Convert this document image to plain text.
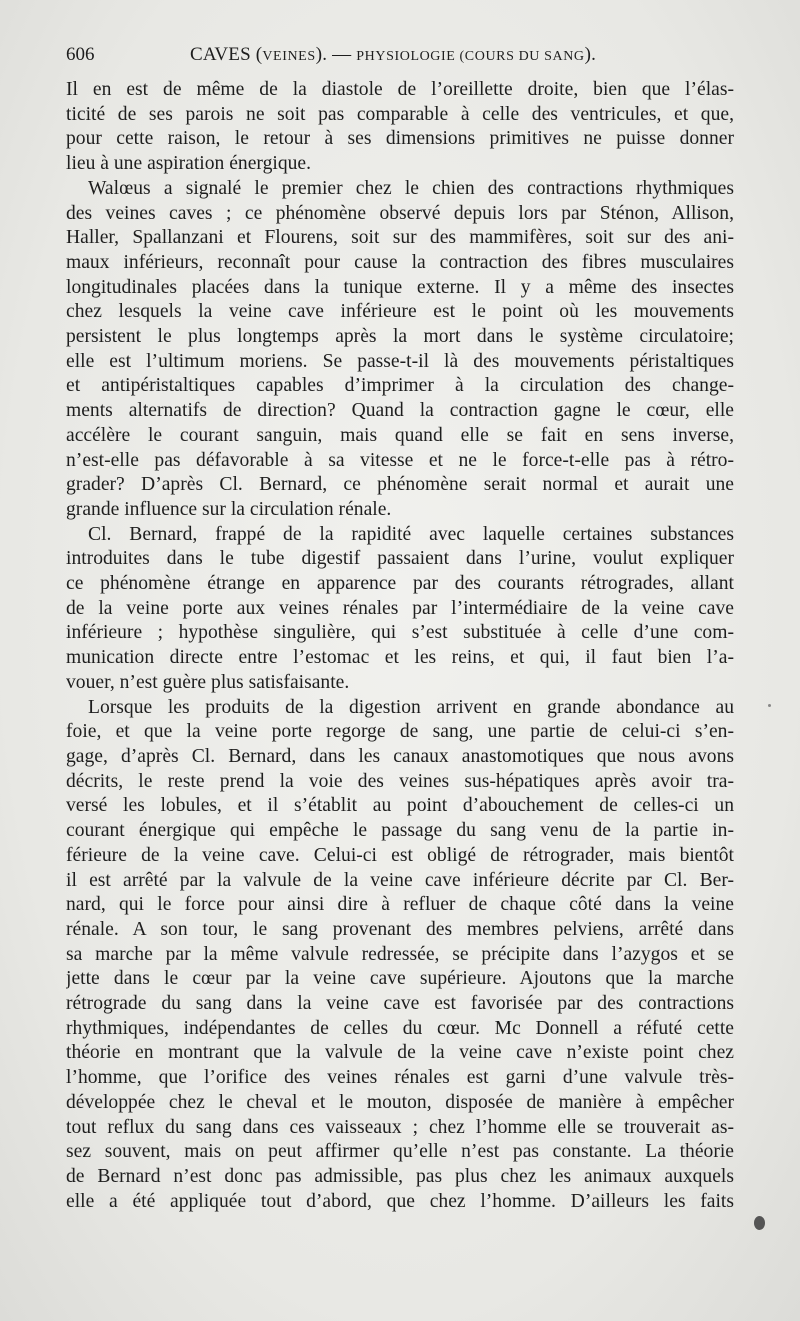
606	CAVES (VEINES). — PHYSIOLOGIE (COURS DU SANG).

Il en est de même de la diastole de l’oreillette droite, bien que l’élas-
ticité de ses parois ne soit pas comparable à celle des ventricules, et que,
pour cette raison, le retour à ses dimensions primitives ne puisse donner
lieu à une aspiration énergique.

Walœus a signalé le premier chez le chien des contractions rhythmiques
des veines caves ; ce phénomène observé depuis lors par Sténon, Allison,
Haller, Spallanzani et Flourens, soit sur des mammifères, soit sur des ani-
maux inférieurs, reconnaît pour cause la contraction des fibres musculaires
longitudinales placées dans la tunique externe. Il y a même des insectes
chez lesquels la veine cave inférieure est le point où les mouvements
persistent le plus longtemps après la mort dans le système circulatoire;
elle est l’ultimum moriens. Se passe-t-il là des mouvements péristaltiques
et antipéristaltiques capables d’imprimer à la circulation des change-
ments alternatifs de direction? Quand la contraction gagne le cœur, elle
accélère le courant sanguin, mais quand elle se fait en sens inverse,
n’est-elle pas défavorable à sa vitesse et ne le force-t-elle pas à rétro-
grader? D’après Cl. Bernard, ce phénomène serait normal et aurait une
grande influence sur la circulation rénale.

Cl. Bernard, frappé de la rapidité avec laquelle certaines substances
introduites dans le tube digestif passaient dans l’urine, voulut expliquer
ce phénomène étrange en apparence par des courants rétrogrades, allant
de la veine porte aux veines rénales par l’intermédiaire de la veine cave
inférieure ; hypothèse singulière, qui s’est substituée à celle d’une com-
munication directe entre l’estomac et les reins, et qui, il faut bien l’a-
vouer, n’est guère plus satisfaisante.

Lorsque les produits de la digestion arrivent en grande abondance au
foie, et que la veine porte regorge de sang, une partie de celui-ci s’en-
gage, d’après Cl. Bernard, dans les canaux anastomotiques que nous avons
décrits, le reste prend la voie des veines sus-hépatiques après avoir tra-
versé les lobules, et il s’établit au point d’abouchement de celles-ci un
courant énergique qui empêche le passage du sang venu de la partie in-
férieure de la veine cave. Celui-ci est obligé de rétrograder, mais bientôt
il est arrêté par la valvule de la veine cave inférieure décrite par Cl. Ber-
nard, qui le force pour ainsi dire à refluer de chaque côté dans la veine
rénale. A son tour, le sang provenant des membres pelviens, arrêté dans
sa marche par la même valvule redressée, se précipite dans l’azygos et se
jette dans le cœur par la veine cave supérieure. Ajoutons que la marche
rétrograde du sang dans la veine cave est favorisée par des contractions
rhythmiques, indépendantes de celles du cœur. Mc Donnell a réfuté cette
théorie en montrant que la valvule de la veine cave n’existe point chez
l’homme, que l’orifice des veines rénales est garni d’une valvule très-
développée chez le cheval et le mouton, disposée de manière à empêcher
tout reflux du sang dans ces vaisseaux ; chez l’homme elle se trouverait as-
sez souvent, mais on peut affirmer qu’elle n’est pas constante. La théorie
de Bernard n’est donc pas admissible, pas plus chez les animaux auxquels
elle a été appliquée tout d’abord, que chez l’homme. D’ailleurs les faits
